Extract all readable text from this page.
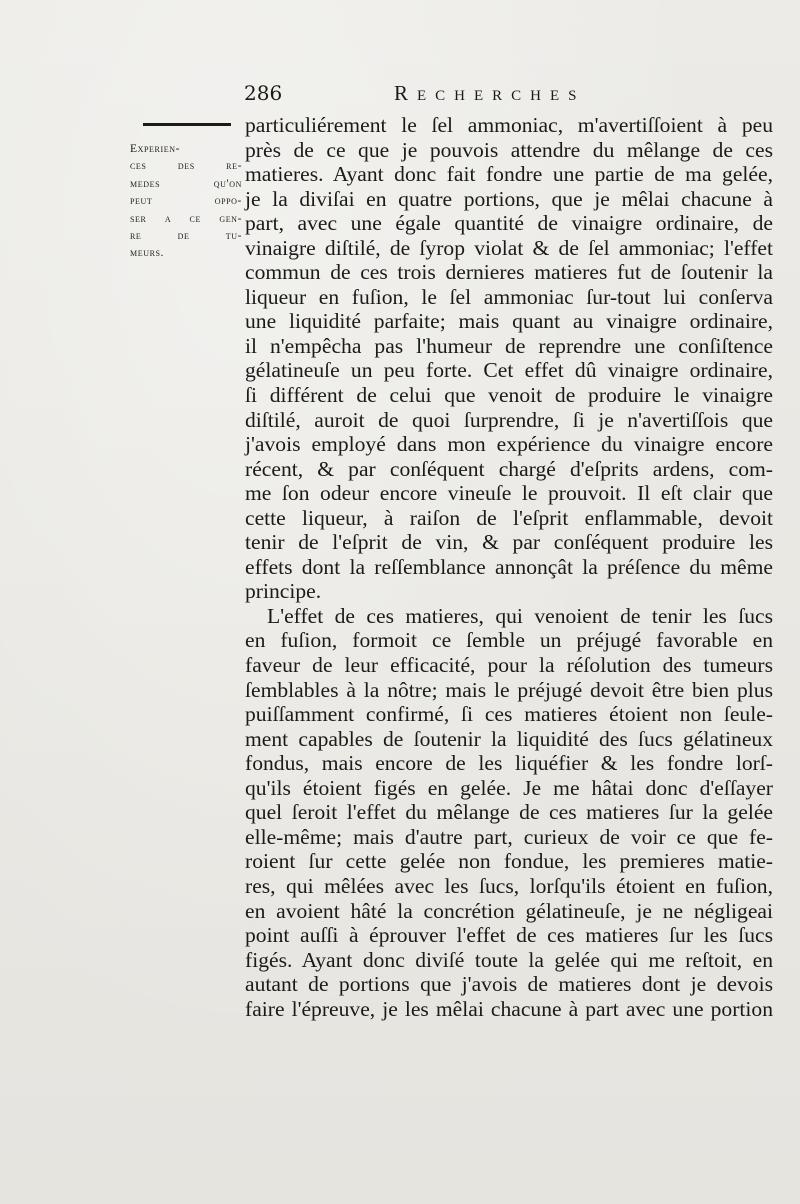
286	Recherches
Experien-
ces des re-
medes qu'on
peut oppo-
ser a ce gen-
re de tu-
meurs.
particuliérement le ſel ammoniac, m'avertiſſoient à peu
près de ce que je pouvois attendre du mêlange de ces
matieres. Ayant donc fait fondre une partie de ma gelée,
je la diviſai en quatre portions, que je mêlai chacune à
part, avec une égale quantité de vinaigre ordinaire, de
vinaigre diſtilé, de ſyrop violat & de ſel ammoniac; l'effet
commun de ces trois dernieres matieres fut de ſoutenir la
liqueur en fuſion, le ſel ammoniac ſur-tout lui conſerva
une liquidité parfaite; mais quant au vinaigre ordinaire,
il n'empêcha pas l'humeur de reprendre une conſiſtence
gélatineuſe un peu forte. Cet effet dû vinaigre ordinaire,
ſi différent de celui que venoit de produire le vinaigre
diſtilé, auroit de quoi ſurprendre, ſi je n'avertiſſois que
j'avois employé dans mon expérience du vinaigre encore
récent, & par conſéquent chargé d'eſprits ardens, com-
me ſon odeur encore vineuſe le prouvoit. Il eſt clair que
cette liqueur, à raiſon de l'eſprit enflammable, devoit
tenir de l'eſprit de vin, & par conſéquent produire les
effets dont la reſſemblance annonçât la préſence du même
principe.
L'effet de ces matieres, qui venoient de tenir les ſucs
en fuſion, formoit ce ſemble un préjugé favorable en
faveur de leur efficacité, pour la réſolution des tumeurs
ſemblables à la nôtre; mais le préjugé devoit être bien plus
puiſſamment confirmé, ſi ces matieres étoient non ſeule-
ment capables de ſoutenir la liquidité des ſucs gélatineux
fondus, mais encore de les liquéfier & les fondre lorſ-
qu'ils étoient figés en gelée. Je me hâtai donc d'eſſayer
quel ſeroit l'effet du mêlange de ces matieres ſur la gelée
elle-même; mais d'autre part, curieux de voir ce que fe-
roient ſur cette gelée non fondue, les premieres matie-
res, qui mêlées avec les ſucs, lorſqu'ils étoient en fuſion,
en avoient hâté la concrétion gélatineuſe, je ne négligeai
point auſſi à éprouver l'effet de ces matieres ſur les ſucs
figés. Ayant donc diviſé toute la gelée qui me reſtoit, en
autant de portions que j'avois de matieres dont je devois
faire l'épreuve, je les mêlai chacune à part avec une portion
